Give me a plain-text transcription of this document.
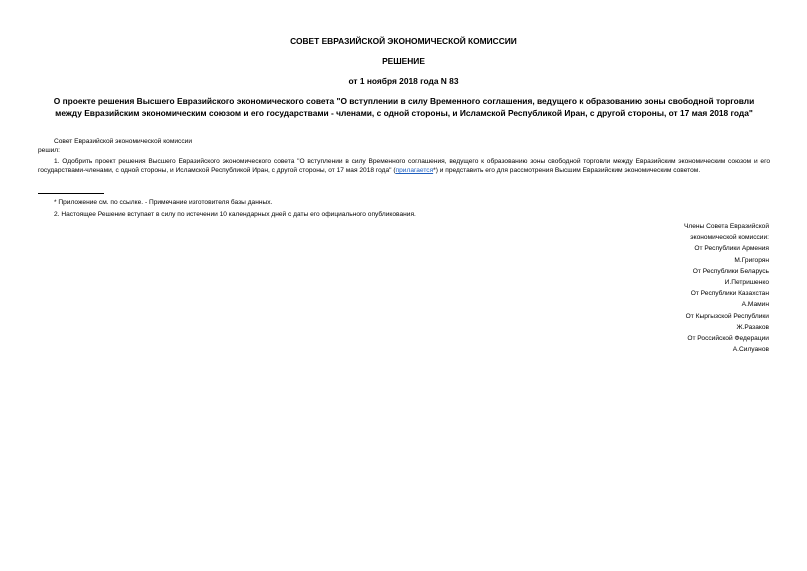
СОВЕТ ЕВРАЗИЙСКОЙ ЭКОНОМИЧЕСКОЙ КОМИССИИ

РЕШЕНИЕ

от 1 ноября 2018 года N 83

О проекте решения Высшего Евразийского экономического совета "О вступлении в силу Временного соглашения, ведущего к образованию зоны свободной торговли между Евразийским экономическим союзом и его государствами - членами, с одной стороны, и Исламской Республикой Иран, с другой стороны, от 17 мая 2018 года"

Совет Евразийской экономической комиссии

решил:

1. Одобрить проект решения Высшего Евразийского экономического совета "О вступлении в силу Временного соглашения, ведущего к образованию зоны свободной торговли между Евразийским экономическим союзом и его государствами-членами, с одной стороны, и Исламской Республикой Иран, с другой стороны, от 17 мая 2018 года" (прилагается*) и представить его для рассмотрения Высшим Евразийским экономическим советом.

* Приложение см. по ссылке. - Примечание изготовителя базы данных.

2. Настоящее Решение вступает в силу по истечении 10 календарных дней с даты его официального опубликования.

Члены Совета Евразийской
экономической комиссии:
От Республики Армения
М.Григорян
От Республики Беларусь
И.Петришенко
От Республики Казахстан
А.Мамин
От Кыргызской Республики
Ж.Разаков
От Российской Федерации
А.Силуанов
